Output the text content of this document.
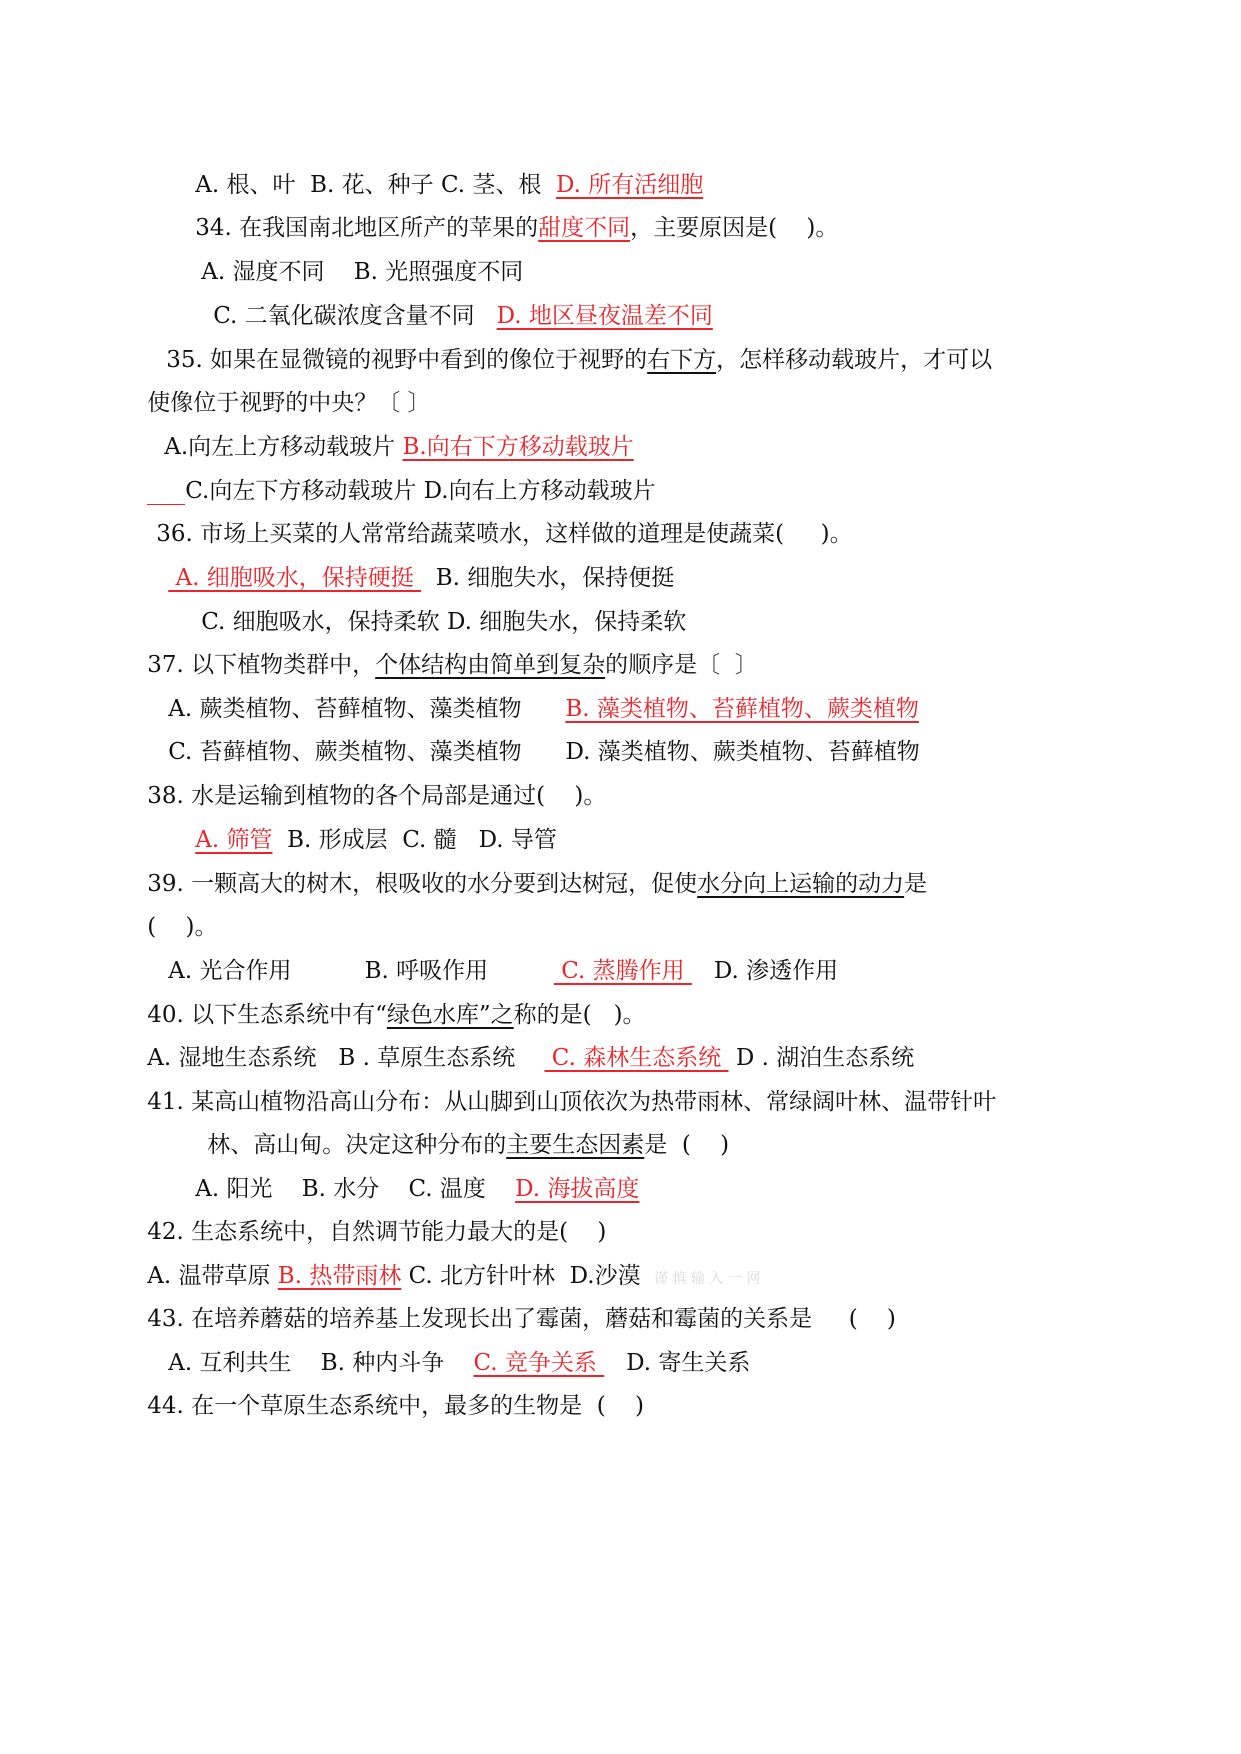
A. 根、叶  B. 花、种子 C. 茎、根  D. 所有活细胞

34. 在我国南北地区所产的苹果的甜度不同，主要原因是(    )。

A. 湿度不同    B. 光照强度不同

C. 二氧化碳浓度含量不同   D. 地区昼夜温差不同

35. 如果在显微镜的视野中看到的像位于视野的右下方，怎样移动载玻片，才可以

使像位于视野的中央？〔 〕

A.向左上方移动载玻片 B.向右下方移动载玻片

C.向左下方移动载玻片 D.向右上方移动载玻片

36. 市场上买菜的人常常给蔬菜喷水，这样做的道理是使蔬菜(     )。

A. 细胞吸水，保持硬挺   B. 细胞失水，保持便挺

C. 细胞吸水，保持柔软 D. 细胞失水，保持柔软

37. 以下植物类群中，个体结构由简单到复杂的顺序是〔  〕

A. 蕨类植物、苔藓植物、藻类植物      B. 藻类植物、苔藓植物、蕨类植物

C. 苔藓植物、蕨类植物、藻类植物      D. 藻类植物、蕨类植物、苔藓植物

38. 水是运输到植物的各个局部是通过(    )。

A. 筛管  B. 形成层  C. 髓   D. 导管

39. 一颗高大的树木，根吸收的水分要到达树冠，促使水分向上运输的动力是

(    )。

A. 光合作用          B. 呼吸作用          C. 蒸腾作用    D. 渗透作用

40. 以下生态系统中有“绿色水库”之称的是(   )。

A. 湿地生态系统   B . 草原生态系统     C. 森林生态系统  D . 湖泊生态系统

41. 某高山植物沿高山分布：从山脚到山顶依次为热带雨林、常绿阔叶林、温带针叶

林、高山甸。决定这种分布的主要生态因素是  (    )

A. 阳光    B. 水分    C. 温度    D. 海拔高度

42. 生态系统中，自然调节能力最大的是(    )

A. 温带草原 B. 热带雨林 C. 北方针叶林  D.沙漠   谨 慎 输 入 一 网

43. 在培养蘑菇的培养基上发现长出了霉菌，蘑菇和霉菌的关系是     (    )

A. 互利共生    B. 种内斗争    C. 竞争关系    D. 寄生关系

44. 在一个草原生态系统中，最多的生物是  (    )
